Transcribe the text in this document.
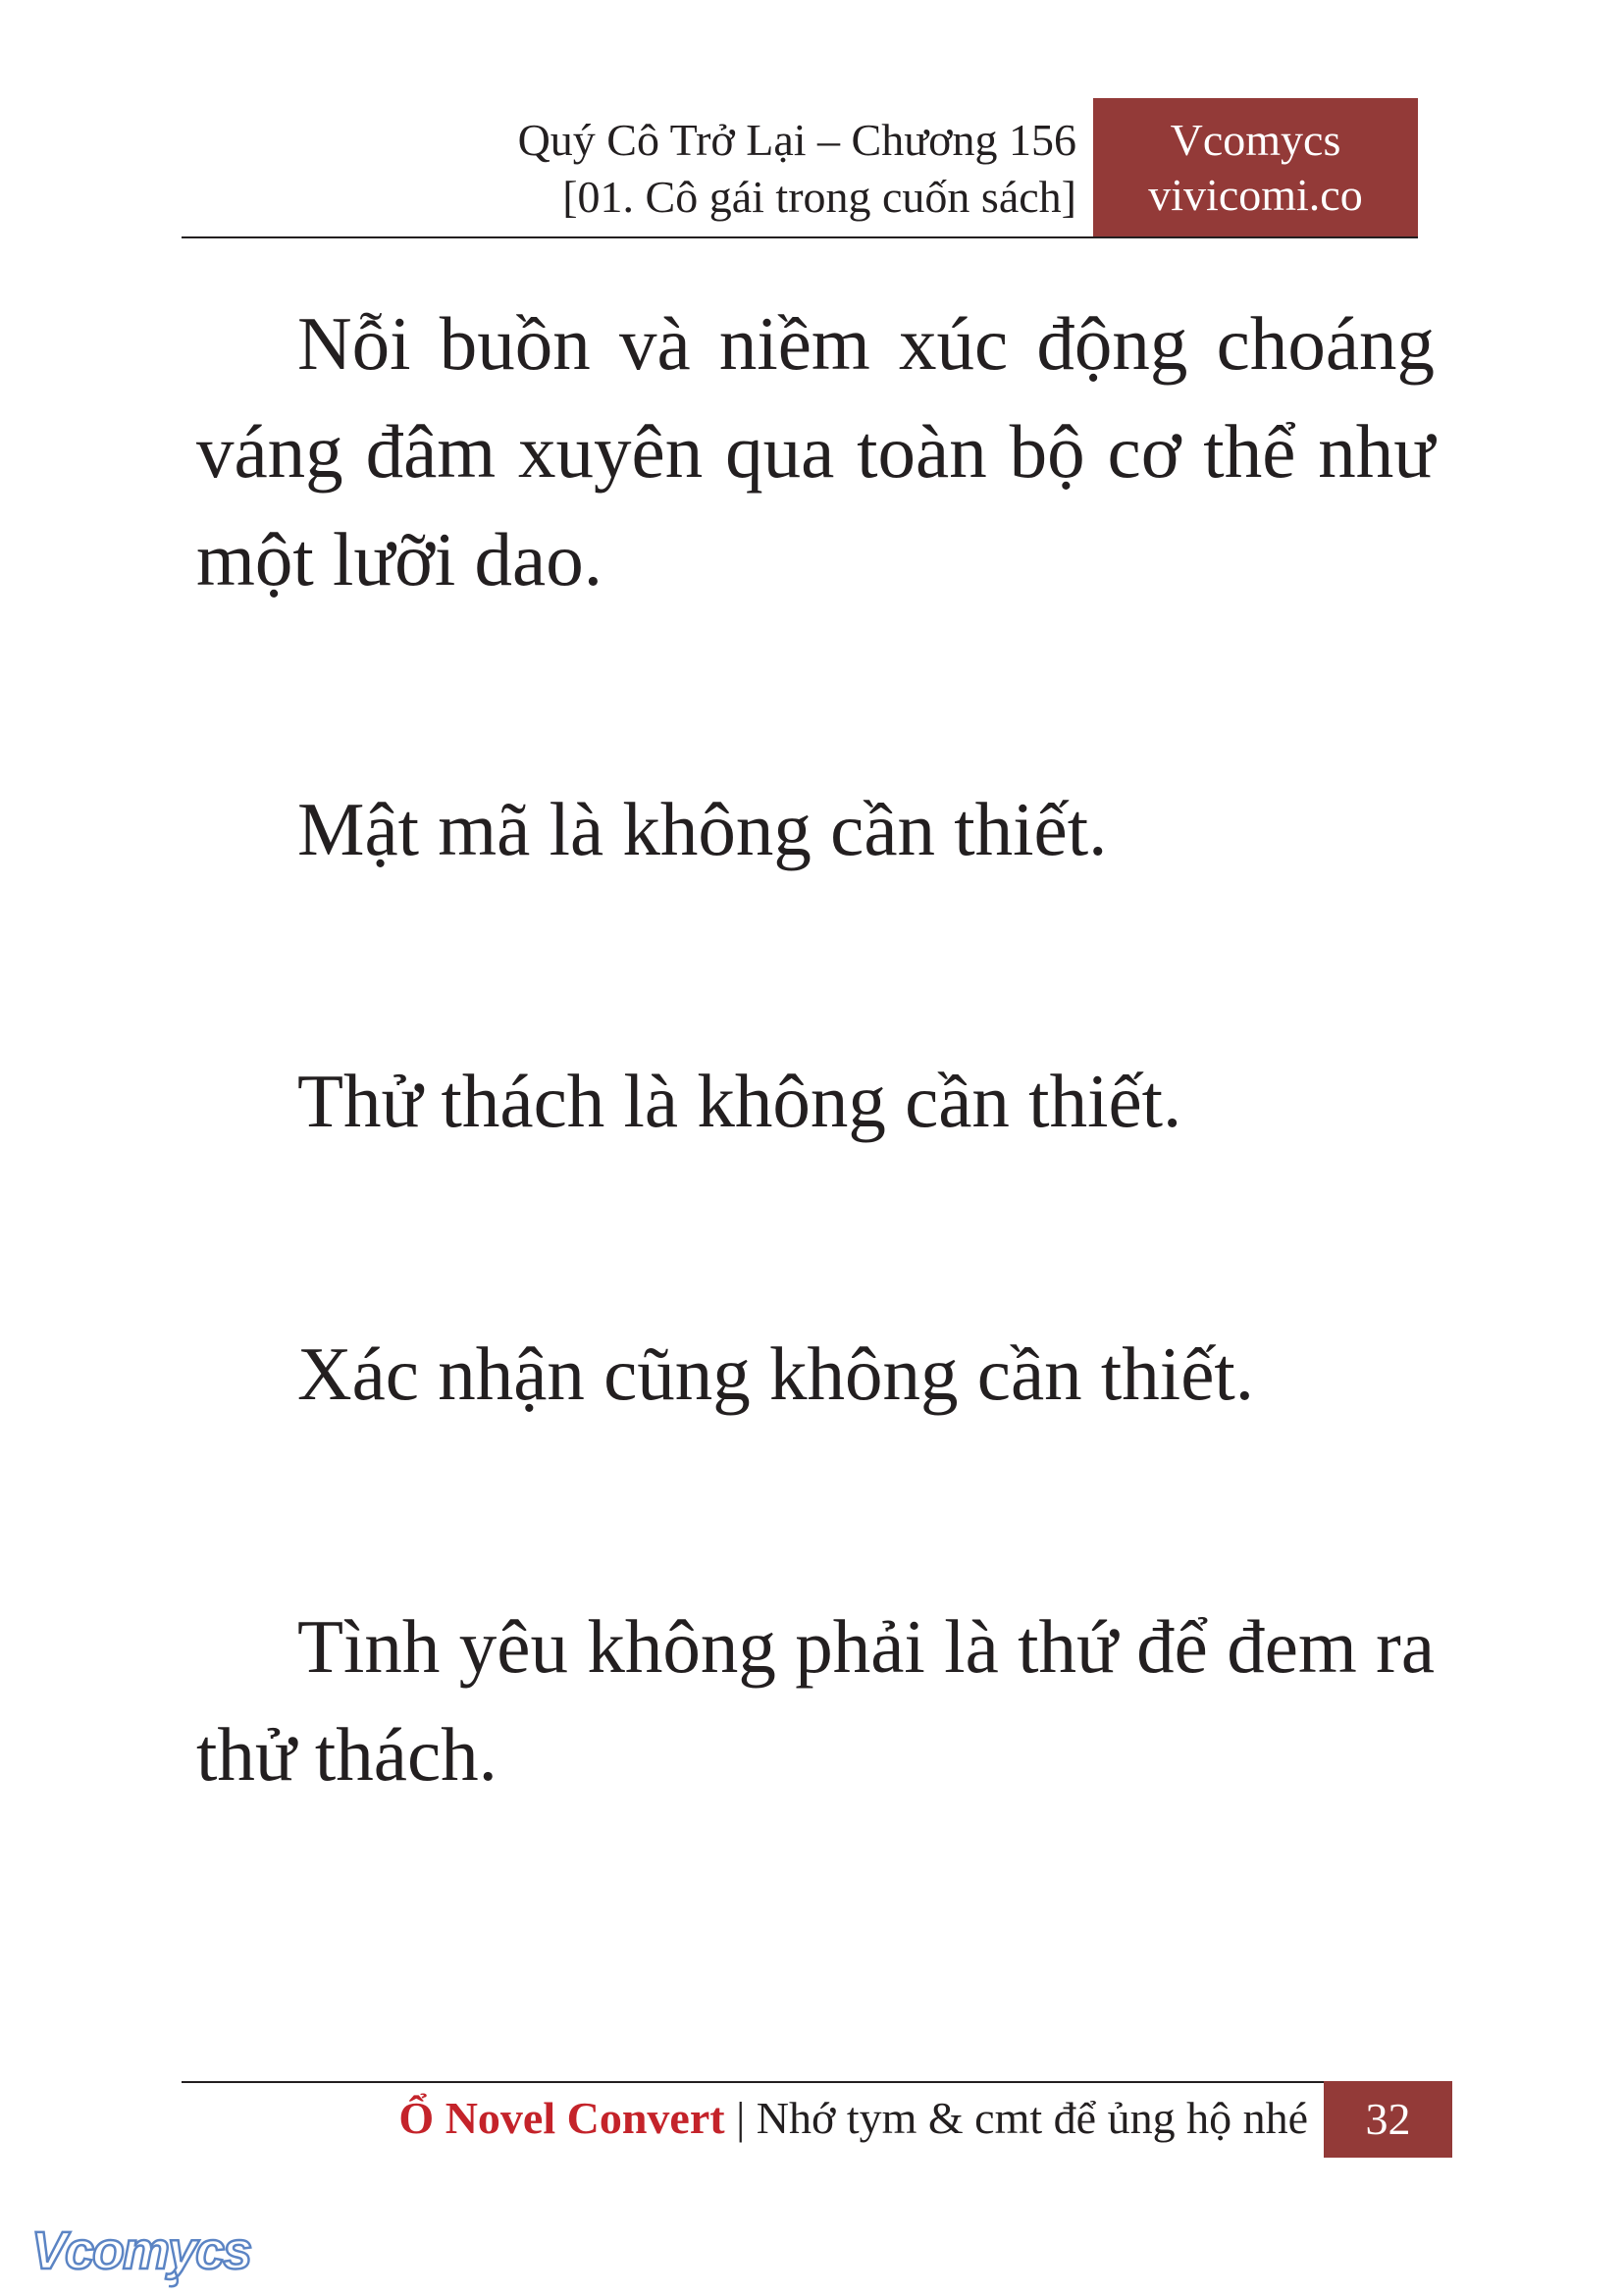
Quý Cô Trở Lại – Chương 156
[01. Cô gái trong cuốn sách]
Vcomycs
vivicomi.co

Nỗi buồn và niềm xúc động choáng váng đâm xuyên qua toàn bộ cơ thể như một lưỡi dao.

Mật mã là không cần thiết.

Thử thách là không cần thiết.

Xác nhận cũng không cần thiết.

Tình yêu không phải là thứ để đem ra thử thách.

Ổ Novel Convert | Nhớ tym & cmt để ủng hộ nhé	32
Vcomycs
